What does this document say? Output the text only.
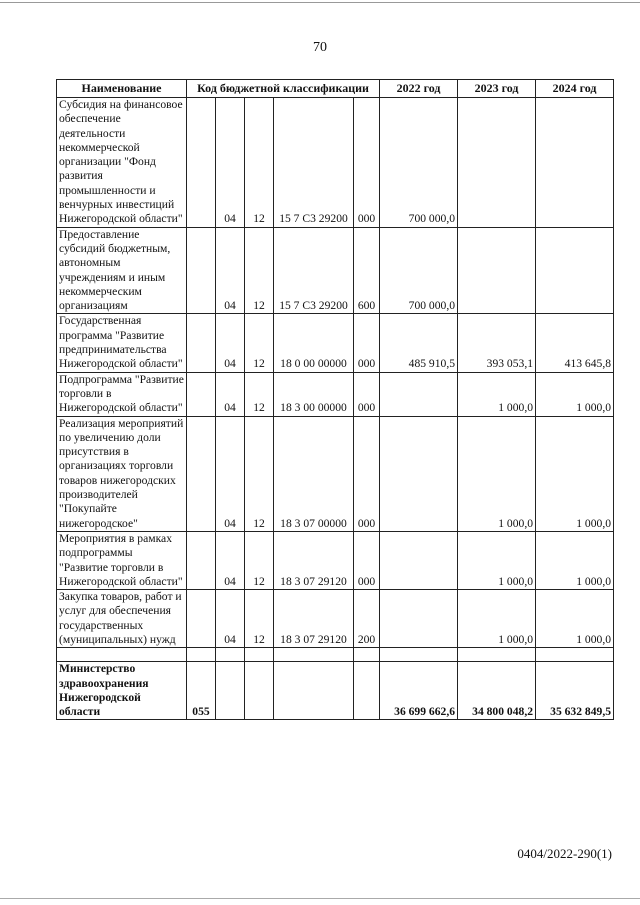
70
Наименование	Код бюджетной классификации					2022 год	2023 год	2024 год
Субсидия на финансовое обеспечение деятельности некоммерческой организации "Фонд развития промышленности и венчурных инвестиций Нижегородской области"		04	12	15 7 С3 29200	000	700 000,0		
Предоставление субсидий бюджетным, автономным учреждениям и иным некоммерческим организациям		04	12	15 7 С3 29200	600	700 000,0		
Государственная программа "Развитие предпринимательства Нижегородской области"		04	12	18 0 00 00000	000	485 910,5	393 053,1	413 645,8
Подпрограмма "Развитие торговли в Нижегородской области"		04	12	18 3 00 00000	000		1 000,0	1 000,0
Реализация мероприятий по увеличению доли присутствия в организациях торговли товаров нижегородских производителей "Покупайте нижегородское"		04	12	18 3 07 00000	000		1 000,0	1 000,0
Мероприятия в рамках подпрограммы "Развитие торговли в Нижегородской области"		04	12	18 3 07 29120	000		1 000,0	1 000,0
Закупка товаров, работ и услуг для обеспечения государственных (муниципальных) нужд		04	12	18 3 07 29120	200		1 000,0	1 000,0

Министерство здравоохранения Нижегородской области	055					36 699 662,6	34 800 048,2	35 632 849,5
0404/2022-290(1)
